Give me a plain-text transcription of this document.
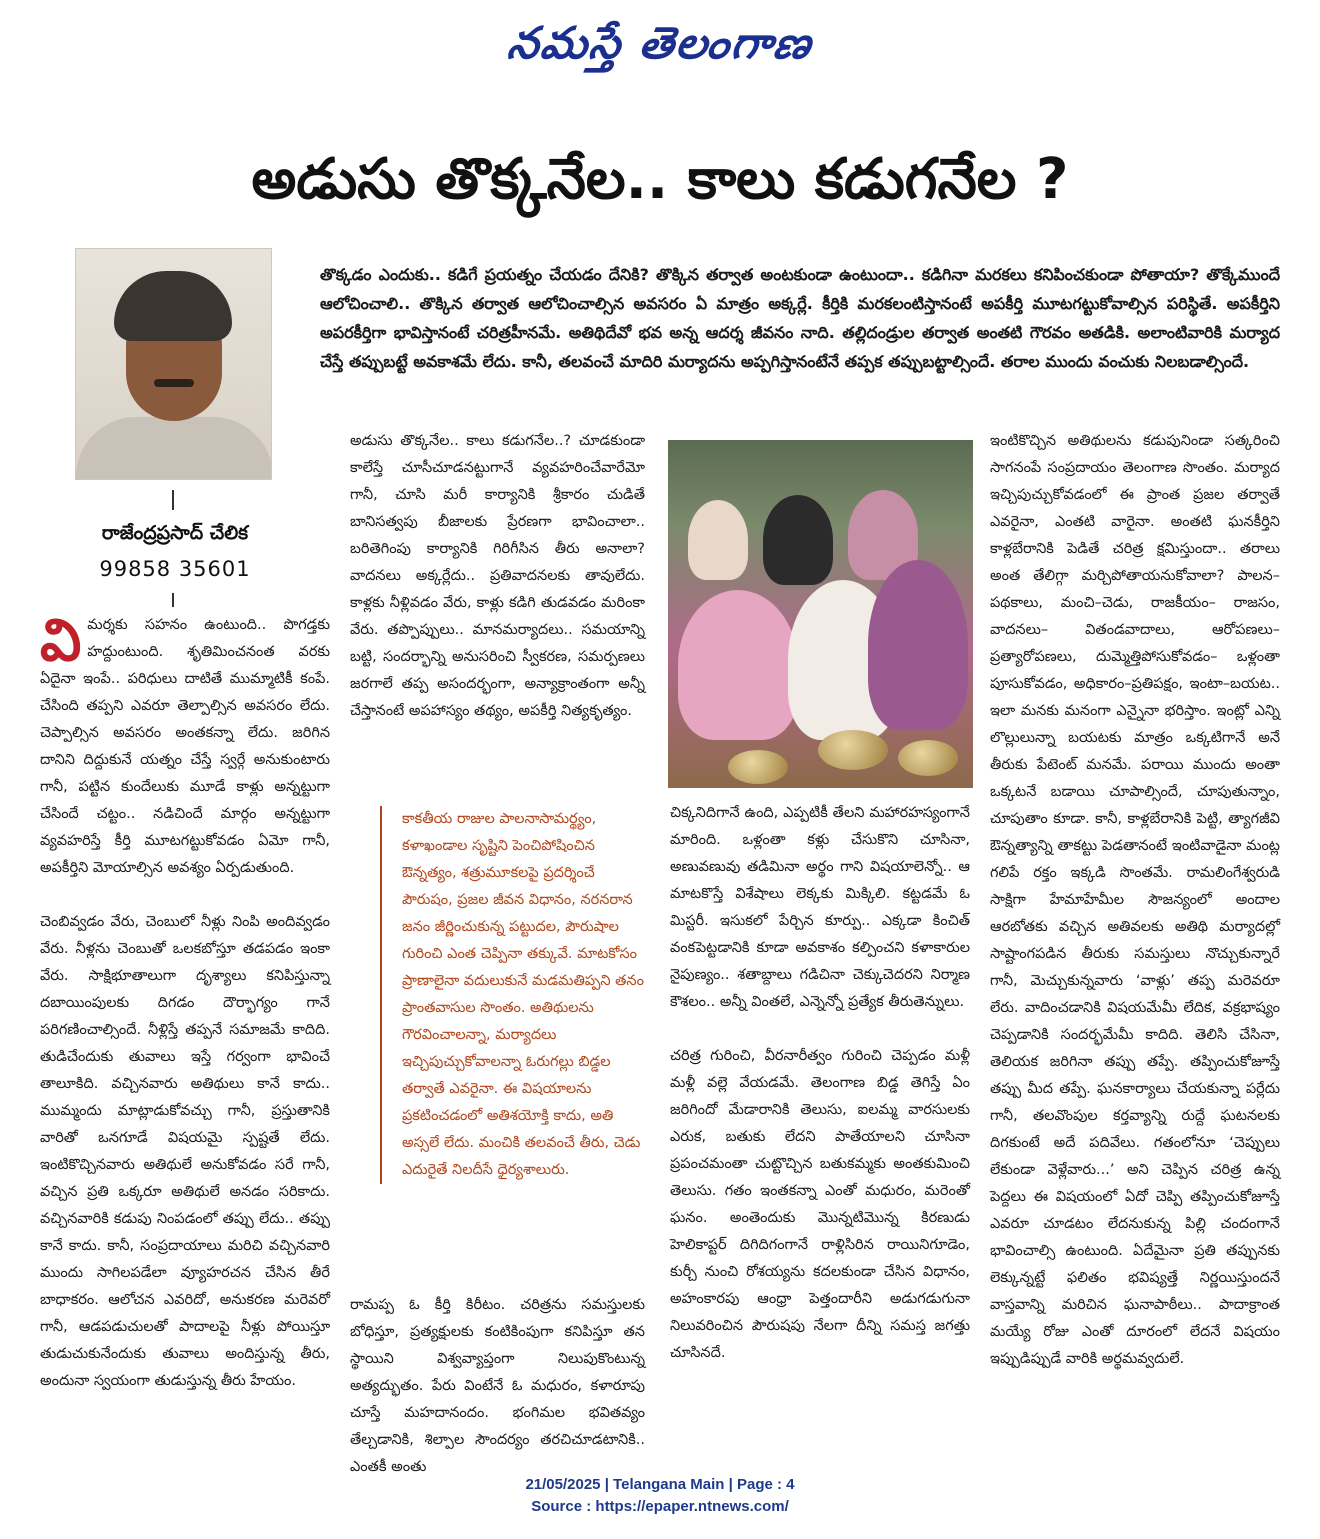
నమస్తే తెలంగాణ
అడుసు తొక్కనేల.. కాలు కడుగనేల ?
రాజేంద్రప్రసాద్ చేలిక
99858 35601

తొక్కడం ఎందుకు.. కడిగే ప్రయత్నం చేయడం దేనికి? తొక్కిన తర్వాత అంటకుండా ఉంటుందా.. కడిగినా మరకలు కనిపించకుండా పోతాయా? తొక్కేముందే ఆలోచించాలి.. తొక్కిన తర్వాత ఆలోచించాల్సిన అవసరం ఏ మాత్రం అక్కర్లే. కీర్తికి మరకలంటిస్తానంటే అపకీర్తి మూటగట్టుకోవాల్సిన పరిస్థితే. అపకీర్తిని అపరకీర్తిగా భావిస్తానంటే చరిత్రహీనమే. అతిథిదేవో భవ అన్న ఆదర్శ జీవనం నాది. తల్లిదండ్రుల తర్వాత అంతటి గౌరవం అతడికి. అలాంటివారికి మర్యాద చేస్తే తప్పుబట్టే అవకాశమే లేదు. కానీ, తలవంచే మాదిరి మర్యాదను అప్పగిస్తానంటేనే తప్పక తప్పుబట్టాల్సిందే. తరాల ముందు వంచుకు నిలబడాల్సిందే.

విమర్శకు సహనం ఉంటుంది.. పొగడ్తకు హద్దుంటుంది. శృతిమించనంత వరకు ఏదైనా ఇంపే.. పరిధులు దాటితే ముమ్మాటికీ కంపే. చేసింది తప్పని ఎవరూ తెల్పాల్సిన అవసరం లేదు. చెప్పాల్సిన అవసరం అంతకన్నా లేదు. జరిగిన దానిని దిద్దుకునే యత్నం చేస్తే స్వర్గే అనుకుంటారు గానీ, పట్టిన కుందేలుకు మూడే కాళ్లు అన్నట్టుగా చేసిందే చట్టం.. నడిచిందే మార్గం అన్నట్టుగా వ్యవహరిస్తే కీర్తి మూటగట్టుకోవడం ఏమో గానీ, అపకీర్తిని మోయాల్సిన అవశ్యం ఏర్పడుతుంది.

చెంబివ్వడం వేరు, చెంబులో నీళ్లు నింపి అందివ్వడం వేరు. నీళ్లను చెంబుతో ఒలకబోస్తూ తడపడం ఇంకా వేరు. సాక్షిభూతాలుగా దృశ్యాలు కనిపిస్తున్నా దబాయింపులకు దిగడం దౌర్భాగ్యం గానే పరిగణించాల్సిందే. నీళ్లిస్తే తప్పనే సమాజమే కాదిది. తుడిచేందుకు తువాలు ఇస్తే గర్వంగా భావించే తాలూకిది. వచ్చినవారు అతిథులు కానే కాదు.. ముమ్మందు మాట్లాడుకోవచ్చు గానీ, ప్రస్తుతానికి వారితో ఒనగూడే విషయమై స్పష్టతే లేదు. ఇంటికొచ్చినవారు అతిథులే అనుకోవడం సరే గానీ, వచ్చిన ప్రతి ఒక్కరూ అతిథులే అనడం సరికాదు. వచ్చినవారికి కడుపు నింపడంలో తప్పు లేదు.. తప్పు కానే కాదు. కానీ, సంప్రదాయాలు మరిచి వచ్చినవారి ముందు సాగిలపడేలా వ్యూహరచన చేసిన తీరే బాధాకరం. ఆలోచన ఎవరిదో, అనుకరణ మరెవరో గానీ, ఆడపడుచులతో పాదాలపై నీళ్లు పోయిస్తూ తుడుచుకునేందుకు తువాలు అందిస్తున్న తీరు, అందునా స్వయంగా తుడుస్తున్న తీరు హేయం.

అడుసు తొక్కనేల.. కాలు కడుగనేల..? చూడకుండా కాలేస్తే చూసీచూడనట్టుగానే వ్యవహరించేవారేమో గానీ, చూసి మరీ కార్యానికి శ్రీకారం చుడితే బానిసత్వపు బీజాలకు ప్రేరణగా భావించాలా.. బరితెగింపు కార్యానికి గిరిగీసిన తీరు అనాలా? వాదనలు అక్కర్లేదు.. ప్రతివాదనలకు తావులేదు. కాళ్లకు నీళ్లివడం వేరు, కాళ్లు కడిగి తుడవడం మరింకా వేరు. తప్పొప్పులు.. మానమర్యాదలు.. సమయాన్ని బట్టి, సందర్భాన్ని అనుసరించి స్వీకరణ, సమర్పణలు జరగాలే తప్ప అసందర్భంగా, అన్యాక్రాంతంగా అన్నీ చేస్తానంటే అపహాస్యం తథ్యం, అపకీర్తి నిత్యకృత్యం.

కాకతీయ రాజుల పాలనాసామర్థ్యం, కళాఖండాల సృష్టిని పెంచిపోషించిన ఔన్నత్యం, శత్రుమూకలపై ప్రదర్శించే పౌరుషం, ప్రజల జీవన విధానం, నరనరాన జనం జీర్ణించుకున్న పట్టుదల, పౌరుషాల గురించి ఎంత చెప్పినా తక్కువే. మాటకోసం ప్రాణాలైనా వదులుకునే మడమతిప్పని తనం ప్రాంతవాసుల సొంతం. అతిథులను గౌరవించాలన్నా, మర్యాదలు ఇచ్చిపుచ్చుకోవాలన్నా ఓరుగల్లు బిడ్డల తర్వాతే ఎవరైనా. ఈ విషయాలను ప్రకటించడంలో అతిశయోక్తి కాదు, అతి అస్సలే లేదు. మంచికి తలవంచే తీరు, చెడు ఎదురైతే నిలదీసే ధైర్యశాలురు.

రామప్ప ఓ కీర్తి కిరీటం. చరిత్రను సమస్తులకు బోధిస్తూ, ప్రత్యక్షులకు కంటికింపుగా కనిపిస్తూ తన స్థాయిని విశ్వవ్యాప్తంగా నిలుపుకొంటున్న అత్యద్భుతం. పేరు వింటేనే ఓ మధురం, కళారూపు చూస్తే మహదానందం. భంగిమల భవితవ్యం తేల్చడానికి, శిల్పాల సౌందర్యం తరచిచూడటానికి.. ఎంతకీ అంతు

చిక్కనిదిగానే ఉంది, ఎప్పటికీ తేలని మహారహస్యంగానే మారింది. ఒళ్లంతా కళ్లు చేసుకొని చూసినా, అణువణువు తడిమినా అర్థం గాని విషయాలెన్నో.. ఆ మాటకొస్తే విశేషాలు లెక్కకు మిక్కిలి. కట్టడమే ఓ మిస్టరీ. ఇసుకలో పేర్చిన కూర్పు.. ఎక్కడా కించిత్ వంకపెట్టడానికి కూడా అవకాశం కల్పించని కళాకారుల నైపుణ్యం.. శతాబ్దాలు గడిచినా చెక్కుచెదరని నిర్మాణ కౌశలం.. అన్నీ వింతలే, ఎన్నెన్నో ప్రత్యేక తీరుతెన్నులు.

చరిత్ర గురించి, వీరనారీత్వం గురించి చెప్పడం మళ్లీ మళ్లీ వల్లె వేయడమే. తెలంగాణ బిడ్డ తెగిస్తే ఏం జరిగిందో మేడారానికి తెలుసు, ఐలమ్మ వారసులకు ఎరుక, బతుకు లేదని పాతేయాలని చూసినా ప్రపంచమంతా చుట్టొచ్చిన బతుకమ్మకు అంతకుమించి తెలుసు. గతం ఇంతకన్నా ఎంతో మధురం, మరెంతో ఘనం. అంతెందుకు మొన్నటిమొన్న కిరణుడు హెలికాప్టర్ దిగిదిగంగానే రాళ్లిసిరిన రాయినిగూడెం, కుర్చీ నుంచి రోశయ్యను కదలకుండా చేసిన విధానం, అహంకారపు ఆంధ్రా పెత్తందారీని అడుగడుగునా నిలువరించిన పౌరుషపు నేలగా దీన్ని సమస్త జగత్తు చూసినదే.

ఇంటికొచ్చిన అతిథులను కడుపునిండా సత్కరించి సాగనంపే సంప్రదాయం తెలంగాణ సొంతం. మర్యాద ఇచ్చిపుచ్చుకోవడంలో ఈ ప్రాంత ప్రజల తర్వాతే ఎవరైనా, ఎంతటి వారైనా. అంతటి ఘనకీర్తిని కాళ్లబేరానికి పెడితే చరిత్ర క్షమిస్తుందా.. తరాలు అంత తేలిగ్గా మర్చిపోతాయనుకోవాలా? పాలన– పథకాలు, మంచి–చెడు, రాజకీయం– రాజసం, వాదనలు– వితండవాదాలు, ఆరోపణలు– ప్రత్యారోపణలు, దుమ్మెత్తిపోసుకోవడం– ఒళ్లంతా పూసుకోవడం, అధికారం–ప్రతిపక్షం, ఇంటా–బయట.. ఇలా మనకు మనంగా ఎన్నైనా భరిస్తాం. ఇంట్లో ఎన్ని లొల్లులున్నా బయటకు మాత్రం ఒక్కటిగానే అనే తీరుకు పేటెంట్ మనమే. పరాయి ముందు అంతా ఒక్కటనే బడాయి చూపాల్సిందే, చూపుతున్నాం, చూపుతాం కూడా. కానీ, కాళ్లబేరానికి పెట్టి, త్యాగజీవి ఔన్నత్యాన్ని తాకట్టు పెడతానంటే ఇంటివాడైనా మంట్ల గలిపే రక్తం ఇక్కడి సొంతమే. రామలింగేశ్వరుడి సాక్షిగా హేమాహేమీల సౌజన్యంలో అందాల ఆరబోతకు వచ్చిన అతివలకు అతిథి మర్యాదల్లో సాష్టాంగపడిన తీరుకు సమస్తులు నొచ్చుకున్నారే గానీ, మెచ్చుకున్నవారు ‘వాళ్లు’ తప్ప మరెవరూ లేరు. వాదించడానికి విషయమేమీ లేదిక, వక్రభాష్యం చెప్పడానికి సందర్భమేమీ కాదిది. తెలిసి చేసినా, తెలియక జరిగినా తప్పు తప్పే. తప్పించుకోజూస్తే తప్పు మీద తప్పే. ఘనకార్యాలు చేయకున్నా పర్లేదు గానీ, తలవొంపుల కర్తవ్యాన్ని రుద్దే ఘటనలకు దిగకుంటే అదే పదివేలు. గతంలోనూ ‘చెప్పులు లేకుండా వెళ్లేవారు...’ అని చెప్పిన చరిత్ర ఉన్న పెద్దలు ఈ విషయంలో ఏదో చెప్పి తప్పించుకోజూస్తే ఎవరూ చూడటం లేదనుకున్న పిల్లి చందంగానే భావించాల్సి ఉంటుంది. ఏదేమైనా ప్రతి తప్పునకు లెక్కున్నట్టే ఫలితం భవిష్యత్తే నిర్ణయిస్తుందనే వాస్తవాన్ని మరిచిన ఘనాపాఠీలు.. పాదాక్రాంత మయ్యే రోజు ఎంతో దూరంలో లేదనే విషయం ఇప్పుడిప్పుడే వారికి అర్థమవ్వదులే.

21/05/2025 | Telangana Main | Page : 4
Source : https://epaper.ntnews.com/
